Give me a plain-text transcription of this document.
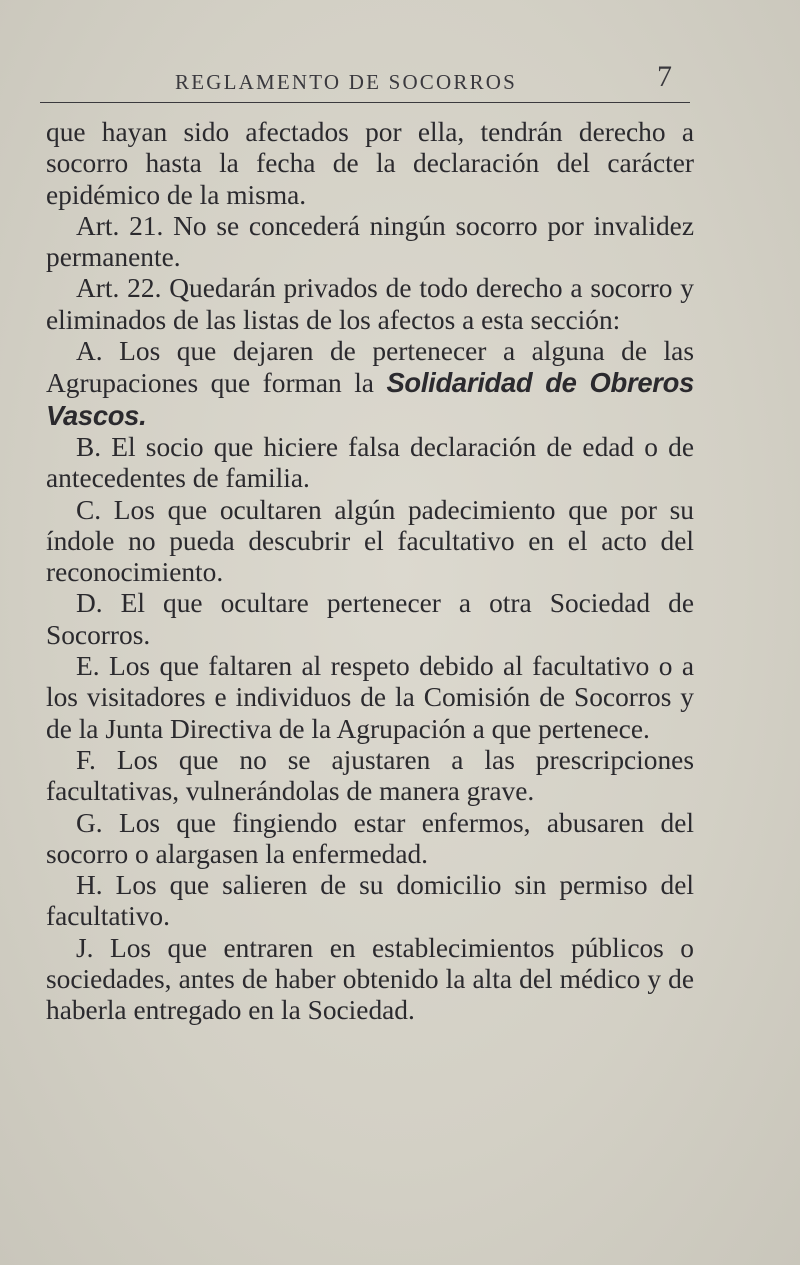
REGLAMENTO DE SOCORROS	7

que hayan sido afectados por ella, tendrán derecho a socorro hasta la fecha de la declaración del carácter epidémico de la misma.

Art. 21. No se concederá ningún socorro por invalidez permanente.

Art. 22. Quedarán privados de todo derecho a socorro y eliminados de las listas de los afectos a esta sección:

A. Los que dejaren de pertenecer a alguna de las Agrupaciones que forman la Solidaridad de Obreros Vascos.

B. El socio que hiciere falsa declaración de edad o de antecedentes de familia.

C. Los que ocultaren algún padecimiento que por su índole no pueda descubrir el facultativo en el acto del reconocimiento.

D. El que ocultare pertenecer a otra Sociedad de Socorros.

E. Los que faltaren al respeto debido al facultativo o a los visitadores e individuos de la Comisión de Socorros y de la Junta Directiva de la Agrupación a que pertenece.

F. Los que no se ajustaren a las prescripciones facultativas, vulnerándolas de manera grave.

G. Los que fingiendo estar enfermos, abusaren del socorro o alargasen la enfermedad.

H. Los que salieren de su domicilio sin permiso del facultativo.

J. Los que entraren en establecimientos públicos o sociedades, antes de haber obtenido la alta del médico y de haberla entregado en la Sociedad.
